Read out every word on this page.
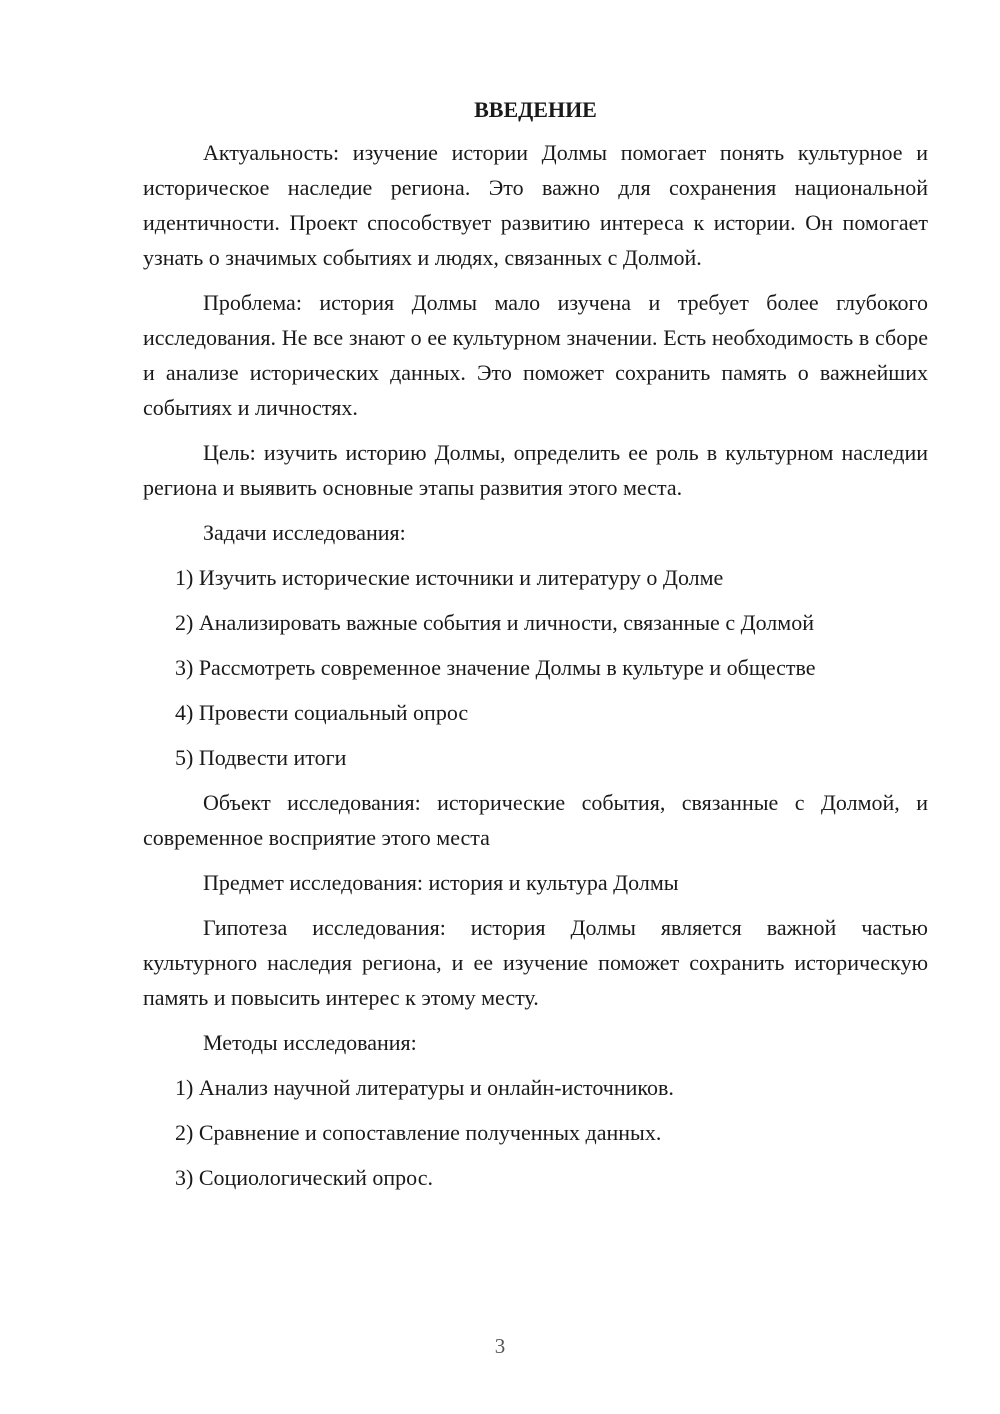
ВВЕДЕНИЕ

Актуальность: изучение истории Долмы помогает понять культурное и историческое наследие региона. Это важно для сохранения национальной идентичности. Проект способствует развитию интереса к истории. Он помогает узнать о значимых событиях и людях, связанных с Долмой.

Проблема: история Долмы мало изучена и требует более глубокого исследования. Не все знают о ее культурном значении. Есть необходимость в сборе и анализе исторических данных. Это поможет сохранить память о важнейших событиях и личностях.

Цель: изучить историю Долмы, определить ее роль в культурном наследии региона и выявить основные этапы развития этого места.

Задачи исследования:

1) Изучить исторические источники и литературу о Долме

2) Анализировать важные события и личности, связанные с Долмой

3) Рассмотреть современное значение Долмы в культуре и обществе

4) Провести социальный опрос

5) Подвести итоги

Объект исследования: исторические события, связанные с Долмой, и современное восприятие этого места

Предмет исследования: история и культура Долмы

Гипотеза исследования: история Долмы является важной частью культурного наследия региона, и ее изучение поможет сохранить историческую память и повысить интерес к этому месту.

Методы исследования:

1) Анализ научной литературы и онлайн-источников.

2) Сравнение и сопоставление полученных данных.

3) Социологический опрос.

3
